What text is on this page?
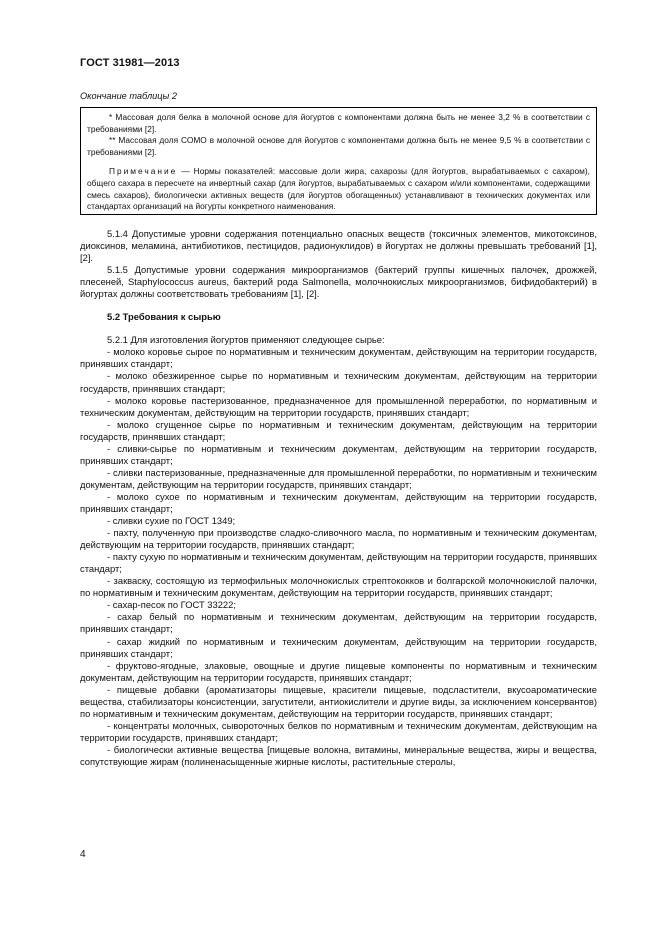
ГОСТ 31981—2013
Окончание таблицы 2

* Массовая доля белка в молочной основе для йогуртов с компонентами должна быть не менее 3,2 % в соответствии с требованиями [2].

** Массовая доля СОМО в молочной основе для йогуртов с компонентами должна быть не менее 9,5 % в соответствии с требованиями [2].

Примечание — Нормы показателей: массовые доли жира, сахарозы (для йогуртов, вырабатываемых с сахаром), общего сахара в пересчете на инвертный сахар (для йогуртов, вырабатываемых с сахаром и/или компонентами, содержащими смесь сахаров), биологически активных веществ (для йогуртов обогащенных) устанавливают в технических документах или стандартах организаций на йогурты конкретного наименования.

5.1.4 Допустимые уровни содержания потенциально опасных веществ (токсичных элементов, микотоксинов, диоксинов, меламина, антибиотиков, пестицидов, радионуклидов) в йогуртах не должны превышать требований [1], [2].

5.1.5 Допустимые уровни содержания микроорганизмов (бактерий группы кишечных палочек, дрожжей, плесеней, Staphylococcus aureus, бактерий рода Salmonella, молочнокислых микроорганизмов, бифидобактерий) в йогуртах должны соответствовать требованиям [1], [2].

5.2 Требования к сырью

5.2.1 Для изготовления йогуртов применяют следующее сырье:

- молоко коровье сырое по нормативным и техническим документам, действующим на территории государств, принявших стандарт;

- молоко обезжиренное сырье по нормативным и техническим документам, действующим на территории государств, принявших стандарт;

- молоко коровье пастеризованное, предназначенное для промышленной переработки, по нормативным и техническим документам, действующим на территории государств, принявших стандарт;

- молоко сгущенное сырье по нормативным и техническим документам, действующим на территории государств, принявших стандарт;

- сливки-сырье по нормативным и техническим документам, действующим на территории государств, принявших стандарт;

- сливки пастеризованные, предназначенные для промышленной переработки, по нормативным и техническим документам, действующим на территории государств, принявших стандарт;

- молоко сухое по нормативным и техническим документам, действующим на территории государств, принявших стандарт;

- сливки сухие по ГОСТ 1349;

- пахту, полученную при производстве сладко-сливочного масла, по нормативным и техническим документам, действующим на территории государств, принявших стандарт;

- пахту сухую по нормативным и техническим документам, действующим на территории государств, принявших стандарт;

- закваску, состоящую из термофильных молочнокислых стрептококков и болгарской молочнокислой палочки, по нормативным и техническим документам, действующим на территории государств, принявших стандарт;

- сахар-песок по ГОСТ 33222;

- сахар белый по нормативным и техническим документам, действующим на территории государств, принявших стандарт;

- сахар жидкий по нормативным и техническим документам, действующим на территории государств, принявших стандарт;

- фруктово-ягодные, злаковые, овощные и другие пищевые компоненты по нормативным и техническим документам, действующим на территории государств, принявших стандарт;

- пищевые добавки (ароматизаторы пищевые, красители пищевые, подсластители, вкусоароматические вещества, стабилизаторы консистенции, загустители, антиокислители и другие виды, за исключением консервантов) по нормативным и техническим документам, действующим на территории государств, принявших стандарт;

- концентраты молочных, сывороточных белков по нормативным и техническим документам, действующим на территории государств, принявших стандарт;

- биологически активные вещества [пищевые волокна, витамины, минеральные вещества, жиры и вещества, сопутствующие жирам (полиненасыщенные жирные кислоты, растительные стеролы,

4
